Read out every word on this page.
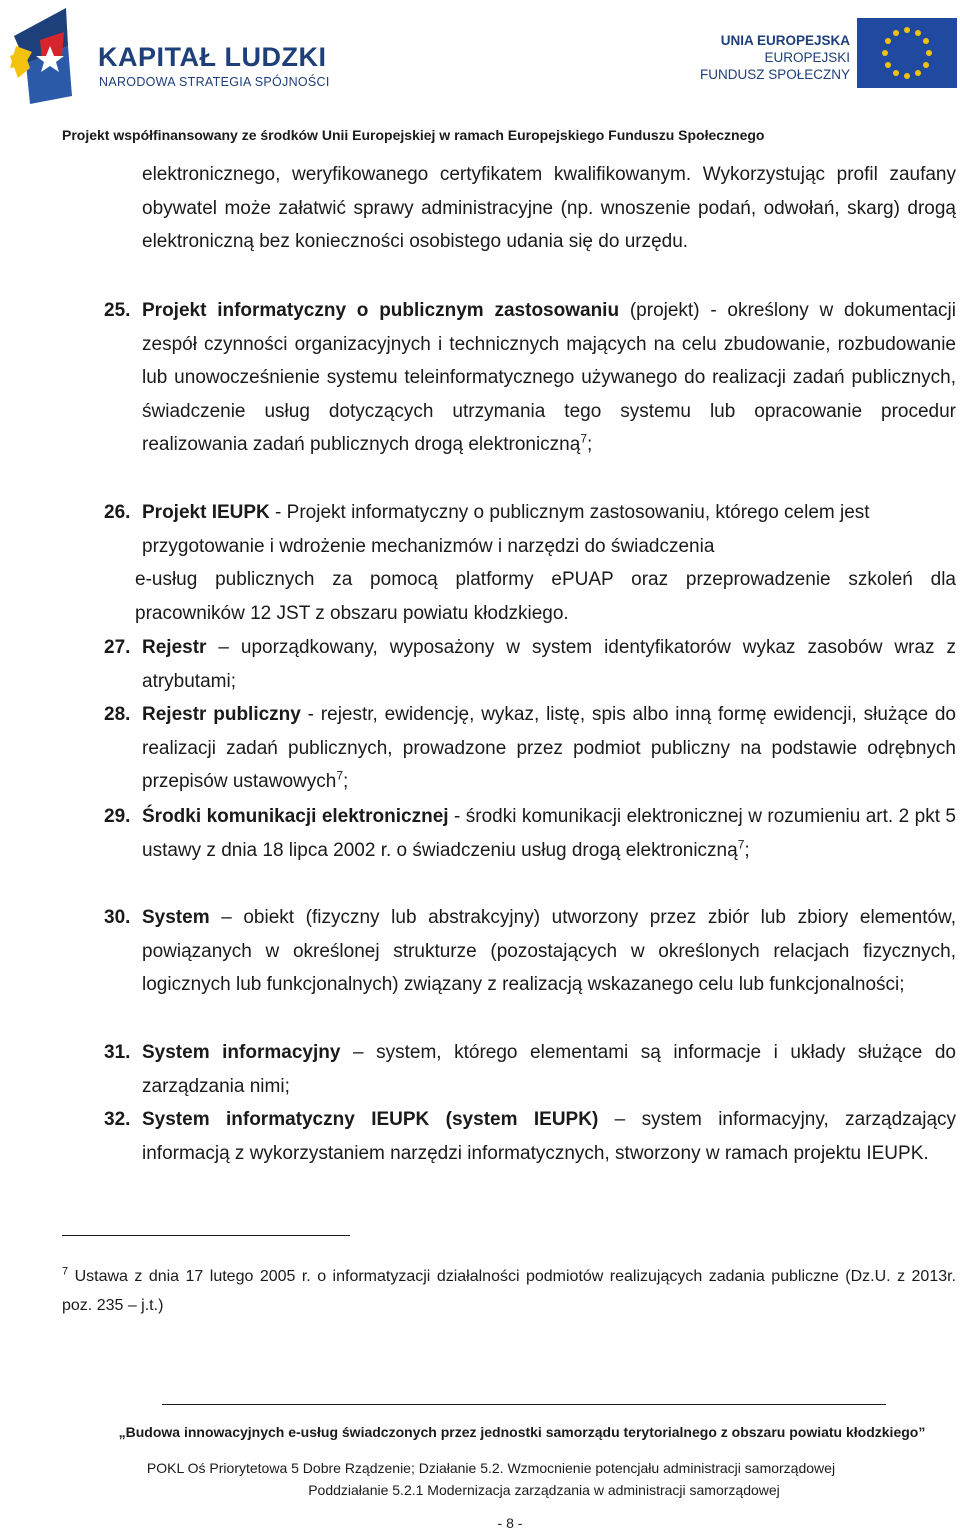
KAPITAŁ LUDZKI
NARODOWA STRATEGIA SPÓJNOŚCI
UNIA EUROPEJSKA
EUROPEJSKI
FUNDUSZ SPOŁECZNY
Projekt współfinansowany ze środków Unii Europejskiej w ramach Europejskiego Funduszu Społecznego
elektronicznego, weryfikowanego certyfikatem kwalifikowanym. Wykorzystując profil zaufany obywatel może załatwić sprawy administracyjne (np. wnoszenie podań, odwołań, skarg) drogą elektroniczną bez konieczności osobistego udania się do urzędu.
25. Projekt informatyczny o publicznym zastosowaniu (projekt) - określony w dokumentacji zespół czynności organizacyjnych i technicznych mających na celu zbudowanie, rozbudowanie lub unowocześnienie systemu teleinformatycznego używanego do realizacji zadań publicznych, świadczenie usług dotyczących utrzymania tego systemu lub opracowanie procedur realizowania zadań publicznych drogą elektroniczną$^7$;
26. Projekt IEUPK - Projekt informatyczny o publicznym zastosowaniu, którego celem jest przygotowanie i wdrożenie mechanizmów i narzędzi do świadczenia
e-usług publicznych za pomocą platformy ePUAP oraz przeprowadzenie szkoleń dla pracowników 12 JST z obszaru powiatu kłodzkiego.
27. Rejestr – uporządkowany, wyposażony w system identyfikatorów wykaz zasobów wraz z atrybutami;
28. Rejestr publiczny - rejestr, ewidencję, wykaz, listę, spis albo inną formę ewidencji, służące do realizacji zadań publicznych, prowadzone przez podmiot publiczny na podstawie odrębnych przepisów ustawowych$^7$;
29. Środki komunikacji elektronicznej - środki komunikacji elektronicznej w rozumieniu art. 2 pkt 5 ustawy z dnia 18 lipca 2002 r. o świadczeniu usług drogą elektroniczną$^7$;
30. System – obiekt (fizyczny lub abstrakcyjny) utworzony przez zbiór lub zbiory elementów, powiązanych w określonej strukturze (pozostających w określonych relacjach fizycznych, logicznych lub funkcjonalnych) związany z realizacją wskazanego celu lub funkcjonalności;
31. System informacyjny – system, którego elementami są informacje i układy służące do zarządzania nimi;
32. System informatyczny IEUPK (system IEUPK) – system informacyjny, zarządzający informacją z wykorzystaniem narzędzi informatycznych, stworzony w ramach projektu IEUPK.
$^7$ Ustawa z dnia 17 lutego 2005 r. o informatyzacji działalności podmiotów realizujących zadania publiczne (Dz.U. z 2013r. poz. 235 – j.t.)
„Budowa innowacyjnych e-usług świadczonych przez jednostki samorządu terytorialnego z obszaru powiatu kłodzkiego”
POKL Oś Priorytetowa 5 Dobre Rządzenie; Działanie 5.2. Wzmocnienie potencjału administracji samorządowej
Poddziałanie 5.2.1 Modernizacja zarządzania w administracji samorządowej
- 8 -
